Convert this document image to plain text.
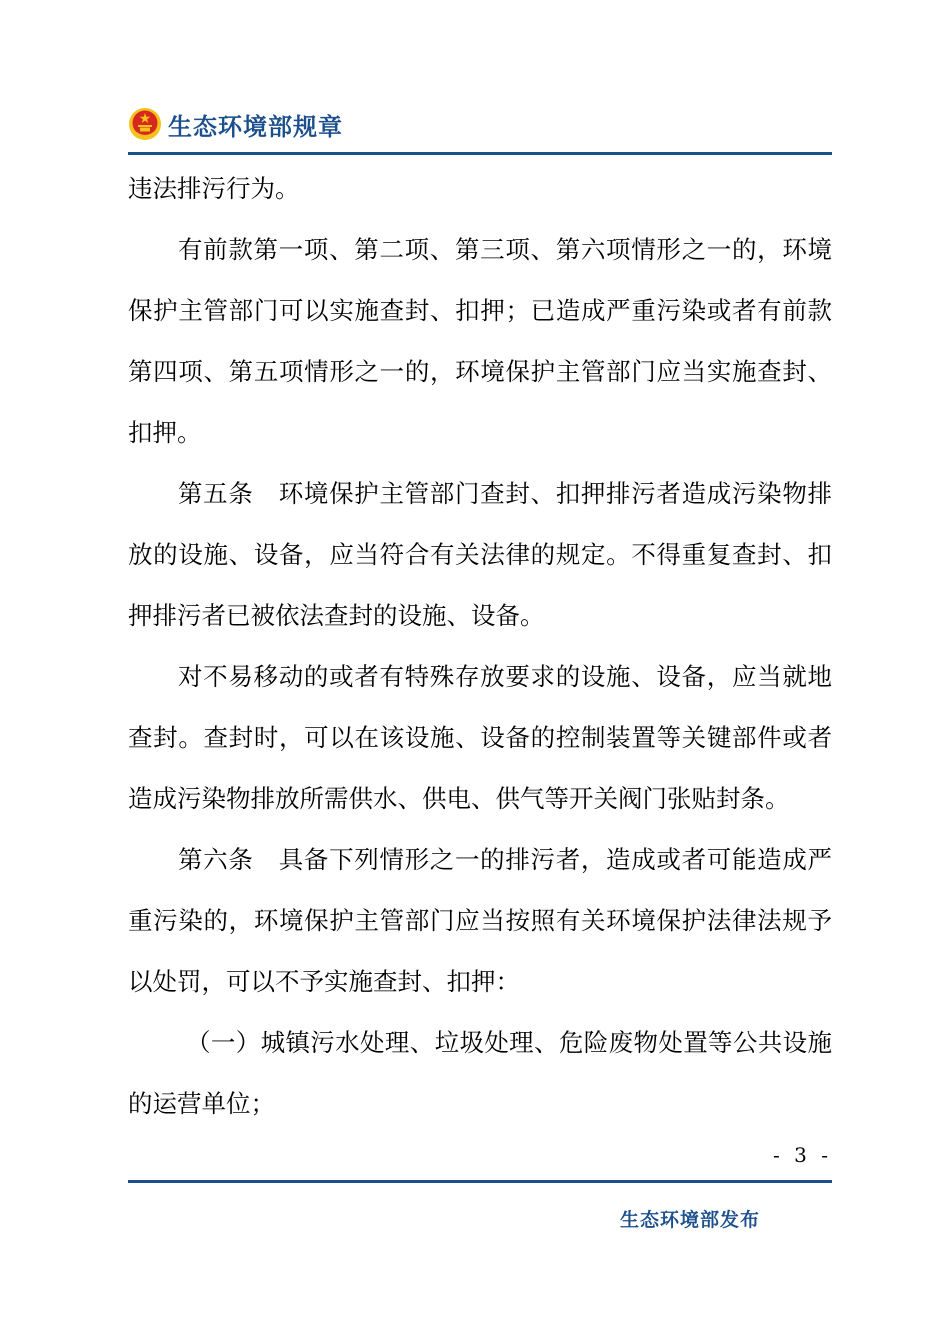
生态环境部规章

违法排污行为。

有前款第一项、第二项、第三项、第六项情形之一的，环境保护主管部门可以实施查封、扣押；已造成严重污染或者有前款第四项、第五项情形之一的，环境保护主管部门应当实施查封、扣押。

第五条　环境保护主管部门查封、扣押排污者造成污染物排放的设施、设备，应当符合有关法律的规定。不得重复查封、扣押排污者已被依法查封的设施、设备。

对不易移动的或者有特殊存放要求的设施、设备，应当就地查封。查封时，可以在该设施、设备的控制装置等关键部件或者造成污染物排放所需供水、供电、供气等开关阀门张贴封条。

第六条　具备下列情形之一的排污者，造成或者可能造成严重污染的，环境保护主管部门应当按照有关环境保护法律法规予以处罚，可以不予实施查封、扣押：

（一）城镇污水处理、垃圾处理、危险废物处置等公共设施的运营单位；

- 3 -
生态环境部发布
